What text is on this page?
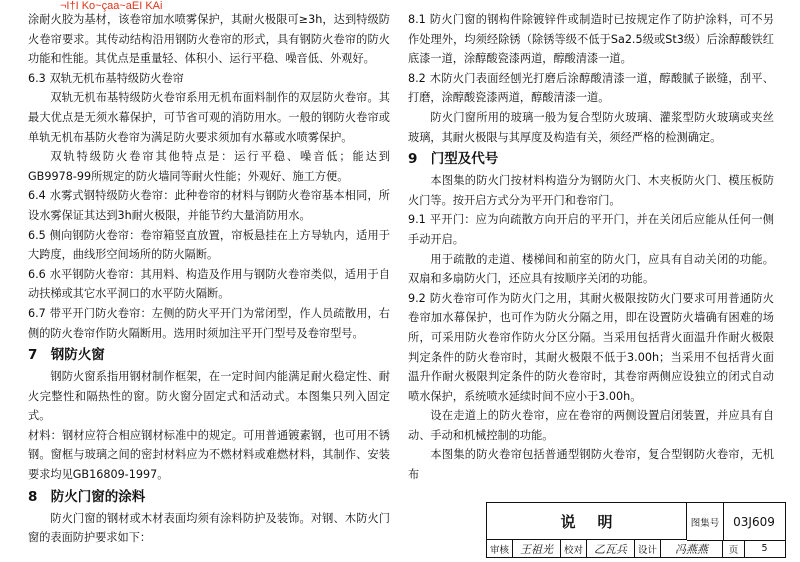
¬I†I Ko~çaa~aEI KAi

涂耐火胶为基材，该卷帘加水喷雾保护，其耐火极限可≥3h，达到特级防火卷帘要求。其传动结构沿用钢防火卷帘的形式，具有钢防火卷帘的防火功能和性能。其优点是重量轻、体积小、运行平稳、噪音低、外观好。

6.3 双轨无机布基特级防火卷帘

双轨无机布基特级防火卷帘系用无机布面料制作的双层防火卷帘。其最大优点是无须水幕保护，可节省可观的消防用水。一般的钢防火卷帘或单轨无机布基防火卷帘为满足防火要求须加有水幕或水喷雾保护。

双轨特级防火卷帘其他特点是：运行平稳、噪音低；能达到GB9978-99所规定的防火墙同等耐火性能；外观好、施工方便。

6.4 水雾式钢特级防火卷帘：此种卷帘的材料与钢防火卷帘基本相同，所设水雾保证其达到3h耐火极限，并能节约大量消防用水。

6.5 侧向钢防火卷帘：卷帘箱竖直放置，帘板悬挂在上方导轨内，适用于大跨度，曲线形空间场所的防火隔断。

6.6 水平钢防火卷帘：其用料、构造及作用与钢防火卷帘类似，适用于自动扶梯或其它水平洞口的水平防火隔断。

6.7 带平开门防火卷帘：左侧的防火平开门为常闭型，作人员疏散用，右侧的防火卷帘作防火隔断用。选用时须加注平开门型号及卷帘型号。

7 钢防火窗

钢防火窗系指用钢材制作框架，在一定时间内能满足耐火稳定性、耐火完整性和隔热性的窗。防火窗分固定式和活动式。本图集只列入固定式。

材料：钢材应符合相应钢材标准中的规定。可用普通镀素钢，也可用不锈钢。窗框与玻璃之间的密封材料应为不燃材料或难燃材料，其制作、安装要求均见GB16809-1997。

8 防火门窗的涂料

防火门窗的钢材或木材表面均须有涂料防护及装饰。对钢、木防火门窗的表面防护要求如下：

8.1 防火门窗的钢构件除镀锌件或制造时已按规定作了防护涂料，可不另作处理外，均须经除锈（除锈等级不低于Sa2.5级或St3级）后涂醇酸铁红底漆一道，涂醇酸瓷漆两道，醇酸清漆一道。

8.2 木防火门表面经刨光打磨后涂醇酸清漆一道，醇酸腻子嵌缝，刮平、打磨，涂醇酸瓷漆两道，醇酸清漆一道。

防火门窗所用的玻璃一般为复合型防火玻璃、灌浆型防火玻璃或夹丝玻璃，其耐火极限与其厚度及构造有关，须经严格的检测确定。

9 门型及代号

本图集的防火门按材料构造分为钢防火门、木夹板防火门、模压板防火门等。按开启方式分为平开门和卷帘门。

9.1 平开门：应为向疏散方向开启的平开门，并在关闭后应能从任何一侧手动开启。

用于疏散的走道、楼梯间和前室的防火门，应具有自动关闭的功能。双扇和多扇防火门，还应具有按顺序关闭的功能。

9.2 防火卷帘可作为防火门之用，其耐火极限按防火门要求可用普通防火卷帘加水幕保护，也可作为防火分隔之用，即在设置防火墙确有困难的场所，可采用防火卷帘作防火分区分隔。当采用包括背火面温升作耐火极限判定条件的防火卷帘时，其耐火极限不低于3.00h；当采用不包括背火面温升作耐火极限判定条件的防火卷帘时，其卷帘两侧应设独立的闭式自动喷水保护，系统喷水延续时间不应小于3.00h。

设在走道上的防火卷帘，应在卷帘的两侧设置启闭装置，并应具有自动、手动和机械控制的功能。

本图集的防火卷帘包括普通型钢防火卷帘，复合型钢防火卷帘，无机布

说明	图集号	03J609
审核	王祖光	校对	乙瓦兵	设计	冯燕燕	页	5
